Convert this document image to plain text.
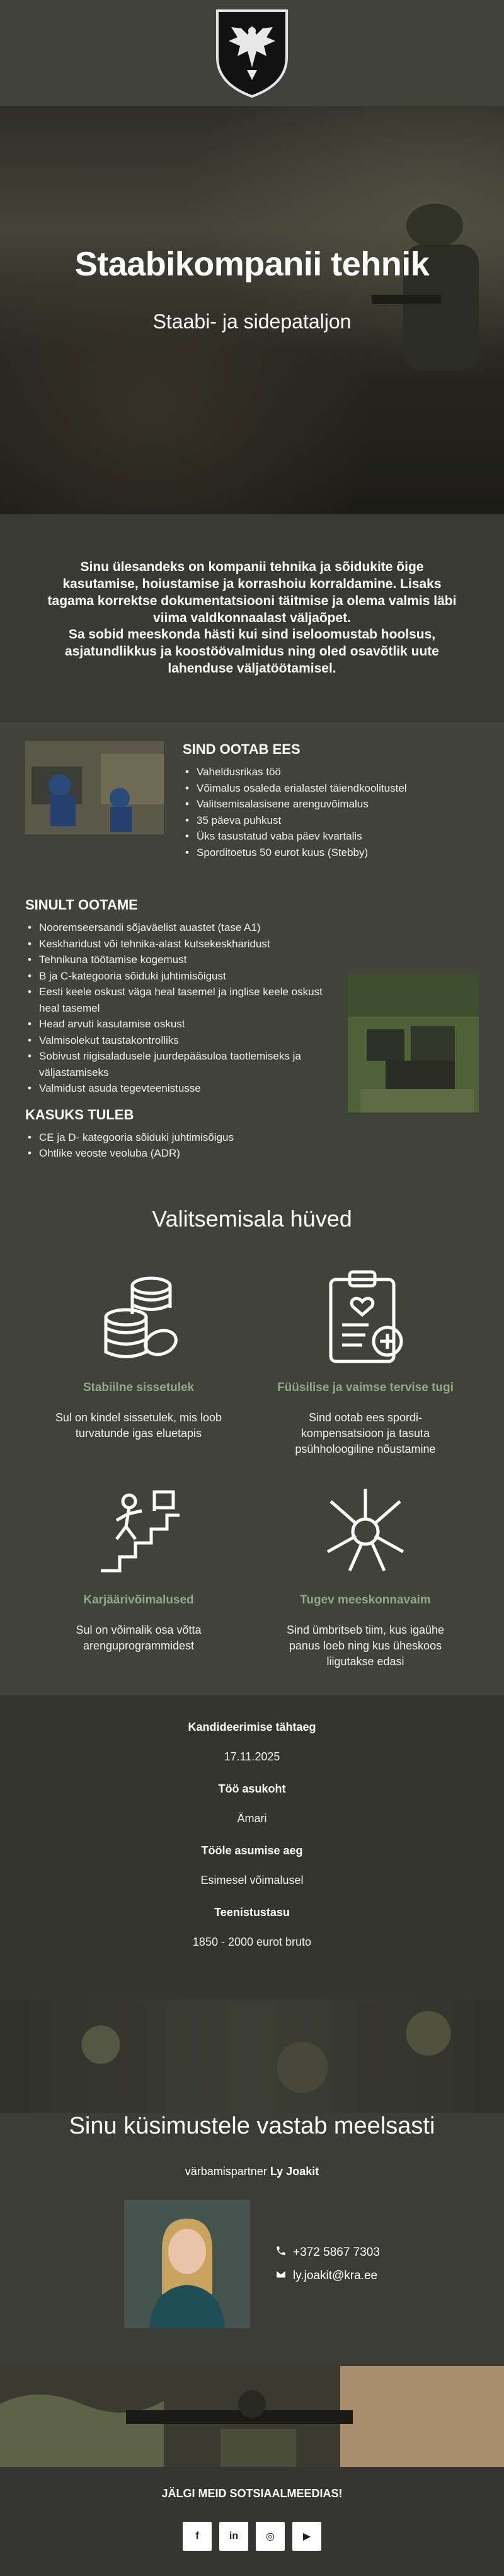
Staabikompanii tehnik
Staabi- ja sidepataljon

Sinu ülesandeks on kompanii tehnika ja sõidukite õige kasutamise, hoiustamise ja korrashoiu korraldamine. Lisaks tagama korrektse dokumentatsiooni täitmise ja olema valmis läbi viima valdkonnaalast väljaõpet.
Sa sobid meeskonda hästi kui sind iseloomustab hoolsus, asjatundlikkus ja koostöövalmidus ning oled osavõtlik uute lahenduse väljatöötamisel.

SIND OOTAB EES
• Vaheldusrikas töö
• Võimalus osaleda erialastel täiendkoolitustel
• Valitsemisalasisene arenguvõimalus
• 35 päeva puhkust
• Üks tasustatud vaba päev kvartalis
• Sporditoetus 50 eurot kuus (Stebby)
SINULT OOTAME
• Nooremseersandi sõjaväelist auastet (tase A1)
• Keskharidust või tehnika-alast kutsekeskharidust
• Tehnikuna töötamise kogemust
• B ja C-kategooria sõiduki juhtimisõigust
• Eesti keele oskust väga heal tasemel ja inglise keele oskust heal tasemel
• Head arvuti kasutamise oskust
• Valmisolekut taustakontrolliks
• Sobivust riigisaladusele juurdepääsuloa taotlemiseks ja väljastamiseks
• Valmidust asuda tegevteenistusse
KASUKS TULEB
• CE ja D- kategooria sõiduki juhtimisõigus
• Ohtlike veoste veoluba (ADR)
Valitsemisala hüved
Stabiilne sissetulek
Sul on kindel sissetulek, mis loob turvatunde igas eluetapis
Füüsilise ja vaimse tervise tugi
Sind ootab ees spordi- kompensatsioon ja tasuta psühholoogiline nõustamine
Karjäärivõimalused
Sul on võimalik osa võtta arenguprogrammidest
Tugev meeskonnavaim
Sind ümbritseb tiim, kus igaühe panus loeb ning kus üheskoos liigutakse edasi
Kandideerimise tähtaeg
17.11.2025
Töö asukoht
Ämari
Tööle asumise aeg
Esimesel võimalusel
Teenistustasu
1850 - 2000 eurot bruto
Sinu küsimustele vastab meelsasti
värbamispartner Ly Joakit
+372 5867 7303
ly.joakit@kra.ee
JÄLGI MEID SOTSIAALMEEDIAS!
f	in	◎	▶
